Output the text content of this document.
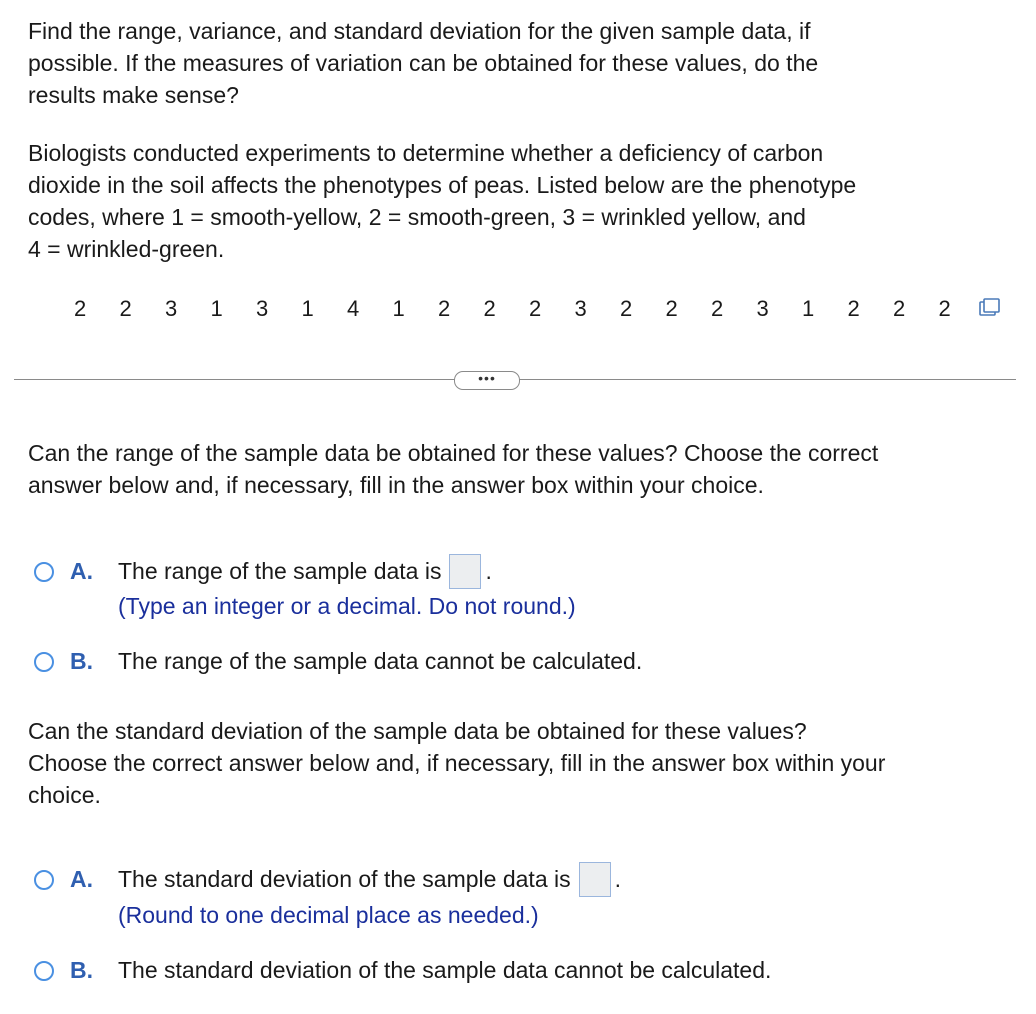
Find the range, variance, and standard deviation for the given sample data, if
possible. If the measures of variation can be obtained for these values, do the
results make sense?

Biologists conducted experiments to determine whether a deficiency of carbon
dioxide in the soil affects the phenotypes of peas. Listed below are the phenotype
codes, where 1 = smooth-yellow, 2 = smooth-green, 3 = wrinkled yellow, and
4 = wrinkled-green.

2	2	3	1	3	1	4	1	2	2	2	3	2	2	2	3	1	2	2	2
•••

Can the range of the sample data be obtained for these values? Choose the correct
answer below and, if necessary, fill in the answer box within your choice.

A.	The range of the sample data is .
(Type an integer or a decimal. Do not round.)
B.	The range of the sample data cannot be calculated.

Can the standard deviation of the sample data be obtained for these values?
Choose the correct answer below and, if necessary, fill in the answer box within your
choice.

A.	The standard deviation of the sample data is .
(Round to one decimal place as needed.)
B.	The standard deviation of the sample data cannot be calculated.
